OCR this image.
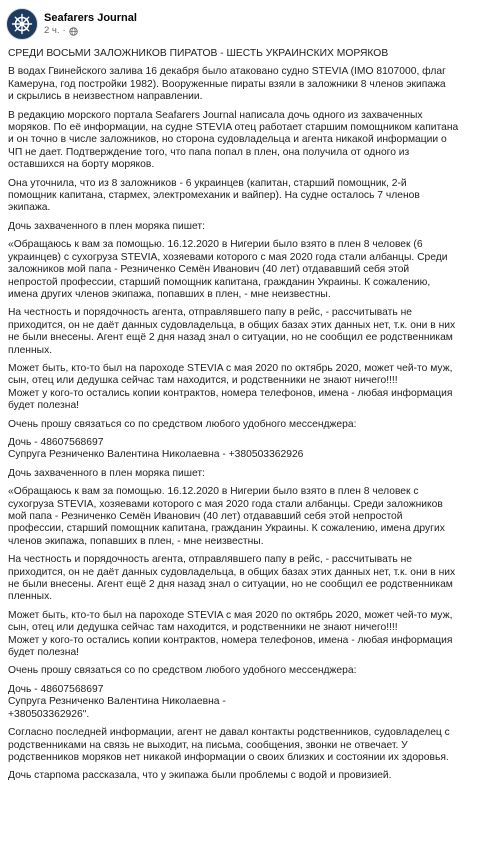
Seafarers Journal
2 ч. ·

СРЕДИ ВОСЬМИ ЗАЛОЖНИКОВ ПИРАТОВ - ШЕСТЬ УКРАИНСКИХ МОРЯКОВ

В водах Гвинейского залива 16 декабря было атаковано судно STEVIA (IMO 8107000, флаг
Камеруна, год постройки 1982). Вооруженные пираты взяли в заложники 8 членов экипажа
и скрылись в неизвестном направлении.

В редакцию морского портала Seafarers Journal написала дочь одного из захваченных
моряков. По её информации, на судне STEVIA отец работает старшим помощником капитана
и он точно в числе заложников, но сторона судовладельца и агента никакой информации о
ЧП не дает. Подтверждение того, что папа попал в плен, она получила от одного из
оставшихся на борту моряков.

Она уточнила, что из 8 заложников - 6 украинцев (капитан, старший помощник, 2-й
помощник капитана, стармех, электромеханик и вайпер). На судне осталось 7 членов
экипажа.

Дочь захваченного в плен моряка пишет:

«Обращаюсь к вам за помощью. 16.12.2020 в Нигерии было взято в плен 8 человек (6
украинцев) с сухогруза STEVIA, хозяевами которого с мая 2020 года стали албанцы. Среди
заложников мой папа - Резниченко Семён Иванович (40 лет) отдававший себя этой
непростой профессии, старший помощник капитана, гражданин Украины. К сожалению,
имена других членов экипажа, попавших в плен, - мне неизвестны.

На честность и порядочность агента, отправлявшего папу в рейс, - рассчитывать не
приходится, он не даёт данных судовладельца, в общих базах этих данных нет, т.к. они в них
не были внесены. Агент ещё 2 дня назад знал о ситуации, но не сообщил ее родственникам
пленных.

Может быть, кто-то был на пароходе STEVIA с мая 2020 по октябрь 2020, может чей-то муж,
сын, отец или дедушка сейчас там находится, и родственники не знают ничего!!!!
Может у кого-то остались копии контрактов, номера телефонов, имена - любая информация
будет полезна!

Очень прошу связаться со по средством любого удобного мессенджера:

Дочь - 48607568697
Супруга Резниченко Валентина Николаевна - +380503362926

Дочь захваченного в плен моряка пишет:

«Обращаюсь к вам за помощью. 16.12.2020 в Нигерии было взято в плен 8 человек с
сухогруза STEVIA, хозяевами которого с мая 2020 года стали албанцы. Среди заложников
мой папа - Резниченко Семён Иванович (40 лет) отдававший себя этой непростой
профессии, старший помощник капитана, гражданин Украины. К сожалению, имена других
членов экипажа, попавших в плен, - мне неизвестны.

На честность и порядочность агента, отправлявшего папу в рейс, - рассчитывать не
приходится, он не даёт данных судовладельца, в общих базах этих данных нет, т.к. они в них
не были внесены. Агент ещё 2 дня назад знал о ситуации, но не сообщил ее родственникам
пленных.

Может быть, кто-то был на пароходе STEVIA с мая 2020 по октябрь 2020, может чей-то муж,
сын, отец или дедушка сейчас там находится, и родственники не знают ничего!!!!
Может у кого-то остались копии контрактов, номера телефонов, имена - любая информация
будет полезна!

Очень прошу связаться со по средством любого удобного мессенджера:

Дочь - 48607568697
Супруга Резниченко Валентина Николаевна -
+380503362926".

Согласно последней информации, агент не давал контакты родственников, судовладелец с
родственниками на связь не выходит, на письма, сообщения, звонки не отвечает. У
родственников моряков нет никакой информации о своих близких и состоянии их здоровья.

Дочь старпома рассказала, что у экипажа были проблемы с водой и провизией.
